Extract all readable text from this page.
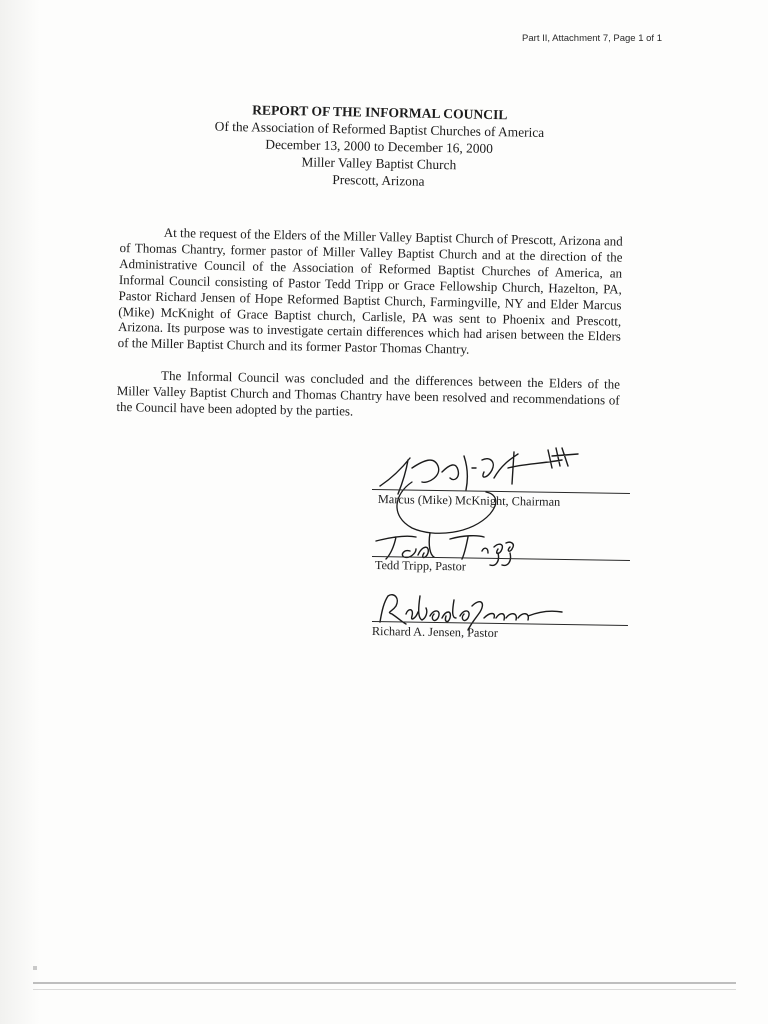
Part II, Attachment 7, Page 1 of 1
REPORT OF THE INFORMAL COUNCIL
Of the Association of Reformed Baptist Churches of America
December 13, 2000 to December 16, 2000
Miller Valley Baptist Church
Prescott, Arizona

At the request of the Elders of the Miller Valley Baptist Church of Prescott, Arizona and of Thomas Chantry, former pastor of Miller Valley Baptist Church and at the direction of the Administrative Council of the Association of Reformed Baptist Churches of America, an Informal Council consisting of Pastor Tedd Tripp or Grace Fellowship Church, Hazelton, PA, Pastor Richard Jensen of Hope Reformed Baptist Church, Farmingville, NY and Elder Marcus (Mike) McKnight of Grace Baptist church, Carlisle, PA was sent to Phoenix and Prescott, Arizona. Its purpose was to investigate certain differences which had arisen between the Elders of the Miller Baptist Church and its former Pastor Thomas Chantry.

The Informal Council was concluded and the differences between the Elders of the Miller Valley Baptist Church and Thomas Chantry have been resolved and recommendations of the Council have been adopted by the parties.

Marcus (Mike) McKnight, Chairman
Tedd Tripp, Pastor
Richard A. Jensen, Pastor
